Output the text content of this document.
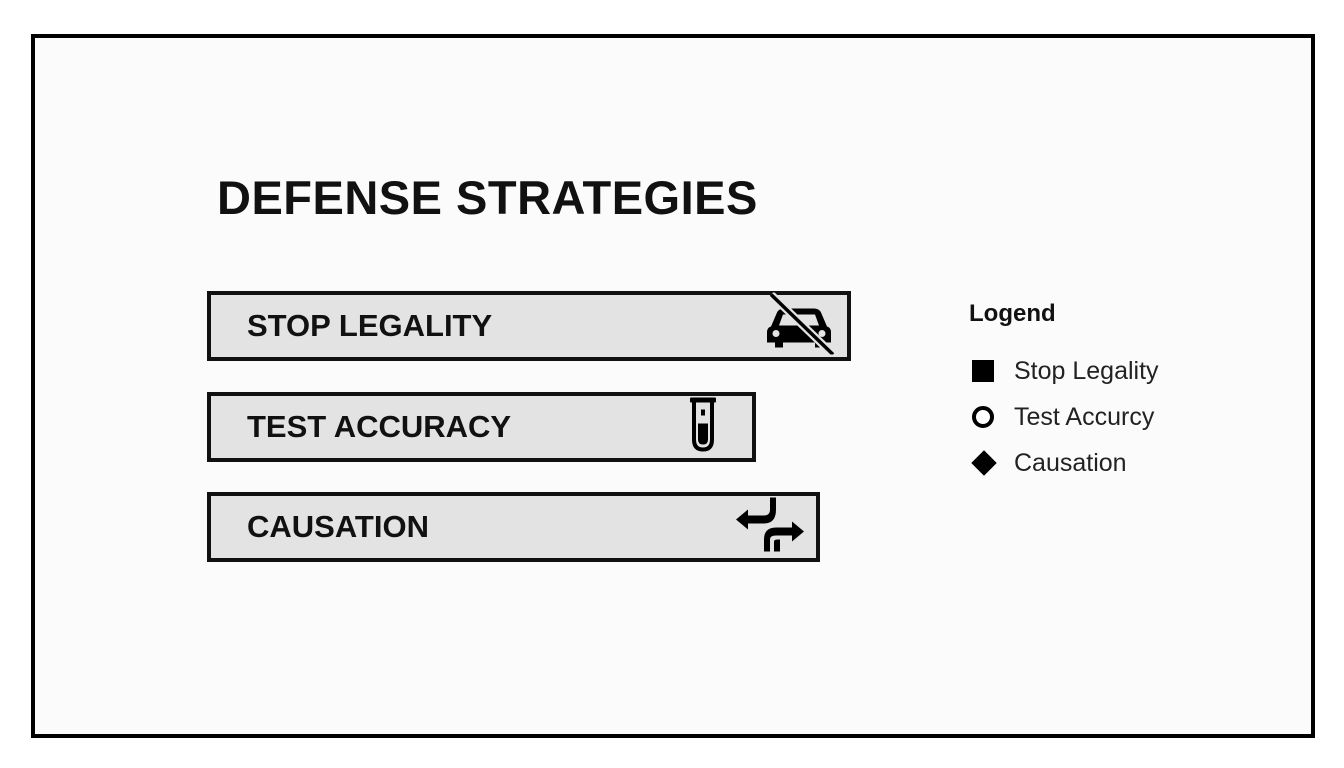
DEFENSE STRATEGIES
STOP LEGALITY
TEST ACCURACY
CAUSATION
Logend
Stop Legality
Test Accurcy
Causation
